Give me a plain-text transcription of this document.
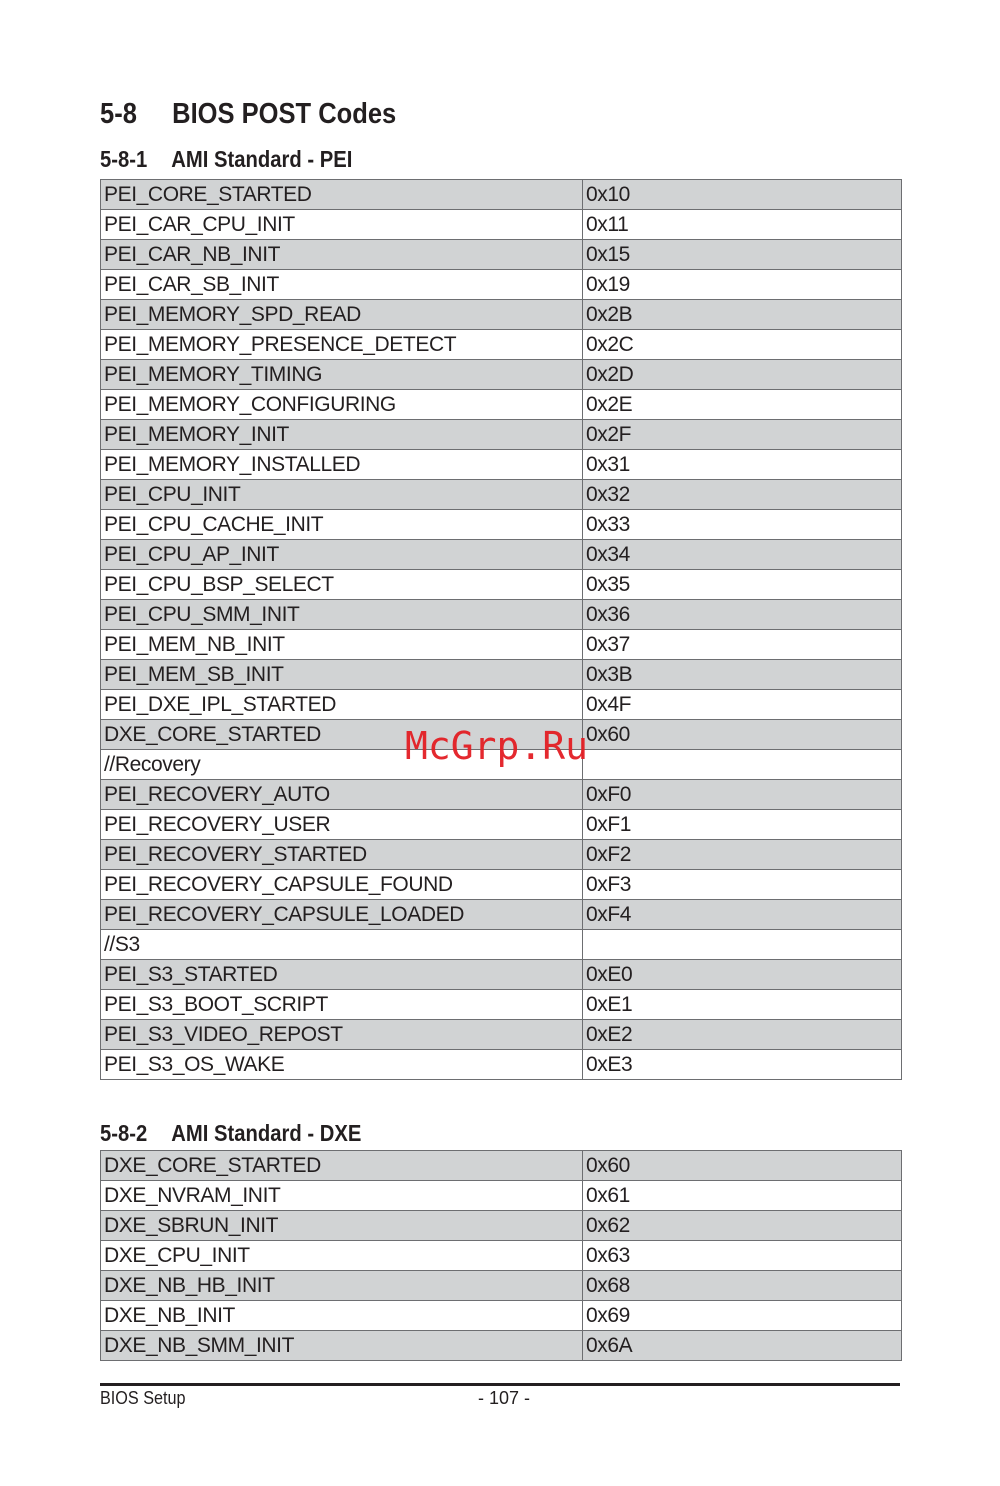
5-8 BIOS POST Codes
5-8-1 AMI Standard - PEI
PEI_CORE_STARTED	0x10
PEI_CAR_CPU_INIT	0x11
PEI_CAR_NB_INIT	0x15
PEI_CAR_SB_INIT	0x19
PEI_MEMORY_SPD_READ	0x2B
PEI_MEMORY_PRESENCE_DETECT	0x2C
PEI_MEMORY_TIMING	0x2D
PEI_MEMORY_CONFIGURING	0x2E
PEI_MEMORY_INIT	0x2F
PEI_MEMORY_INSTALLED	0x31
PEI_CPU_INIT	0x32
PEI_CPU_CACHE_INIT	0x33
PEI_CPU_AP_INIT	0x34
PEI_CPU_BSP_SELECT	0x35
PEI_CPU_SMM_INIT	0x36
PEI_MEM_NB_INIT	0x37
PEI_MEM_SB_INIT	0x3B
PEI_DXE_IPL_STARTED	0x4F
DXE_CORE_STARTED	0x60
//Recovery	
PEI_RECOVERY_AUTO	0xF0
PEI_RECOVERY_USER	0xF1
PEI_RECOVERY_STARTED	0xF2
PEI_RECOVERY_CAPSULE_FOUND	0xF3
PEI_RECOVERY_CAPSULE_LOADED	0xF4
//S3	
PEI_S3_STARTED	0xE0
PEI_S3_BOOT_SCRIPT	0xE1
PEI_S3_VIDEO_REPOST	0xE2
PEI_S3_OS_WAKE	0xE3
5-8-2 AMI Standard - DXE
DXE_CORE_STARTED	0x60
DXE_NVRAM_INIT	0x61
DXE_SBRUN_INIT	0x62
DXE_CPU_INIT	0x63
DXE_NB_HB_INIT	0x68
DXE_NB_INIT	0x69
DXE_NB_SMM_INIT	0x6A
McGrp.Ru
BIOS Setup	- 107 -
